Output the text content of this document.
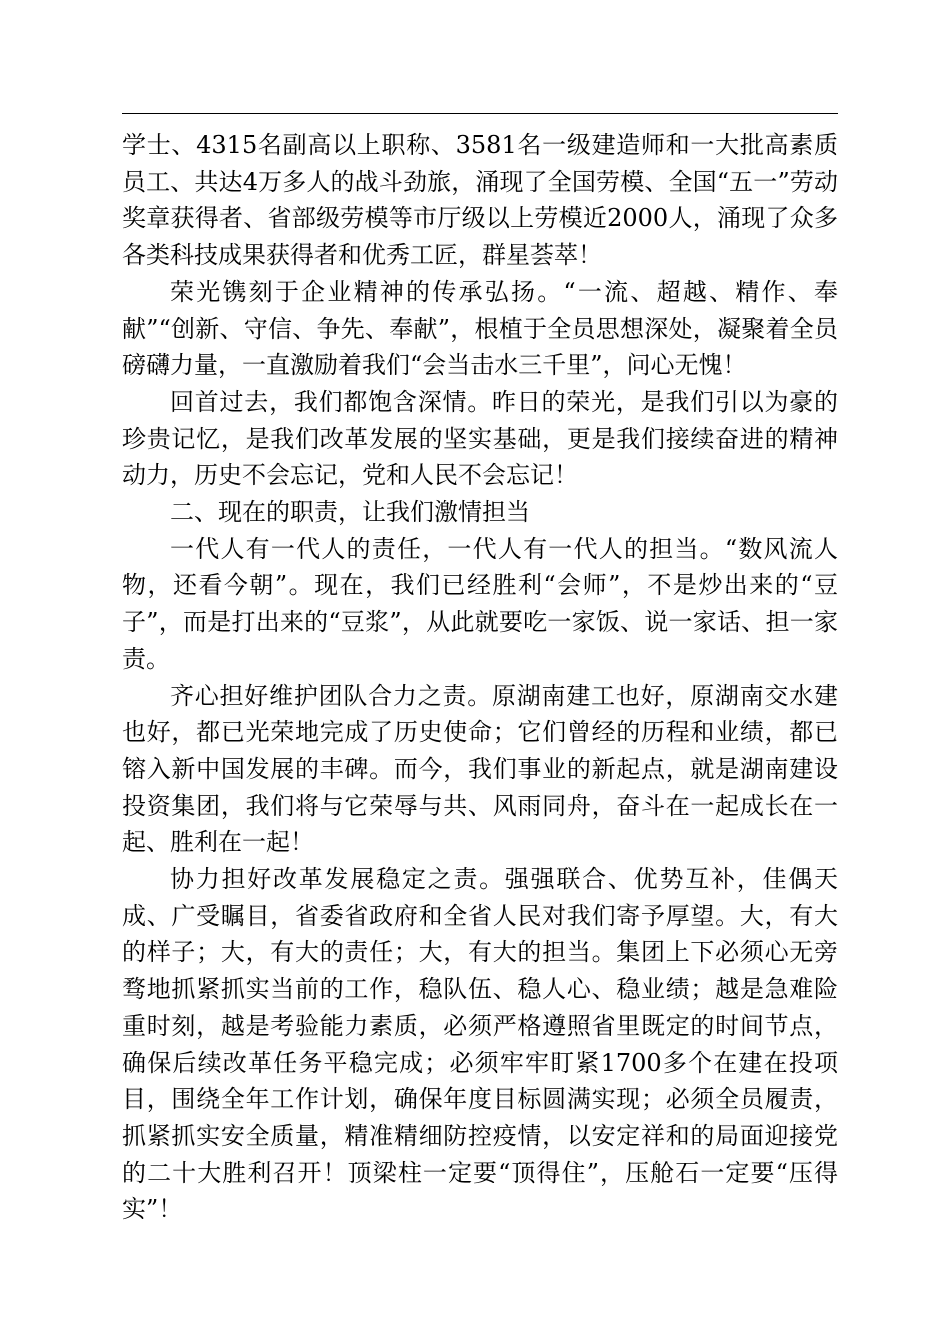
学士、4315名副高以上职称、3581名一级建造师和一大批高素质员工、共达4万多人的战斗劲旅，涌现了全国劳模、全国“五一”劳动奖章获得者、省部级劳模等市厅级以上劳模近2000人，涌现了众多各类科技成果获得者和优秀工匠，群星荟萃！

荣光镌刻于企业精神的传承弘扬。“一流、超越、精作、奉献”“创新、守信、争先、奉献”，根植于全员思想深处，凝聚着全员磅礴力量，一直激励着我们“会当击水三千里”，问心无愧！

回首过去，我们都饱含深情。昨日的荣光，是我们引以为豪的珍贵记忆，是我们改革发展的坚实基础，更是我们接续奋进的精神动力，历史不会忘记，党和人民不会忘记！

二、现在的职责，让我们激情担当

一代人有一代人的责任，一代人有一代人的担当。“数风流人物，还看今朝”。现在，我们已经胜利“会师”，不是炒出来的“豆子”，而是打出来的“豆浆”，从此就要吃一家饭、说一家话、担一家责。

齐心担好维护团队合力之责。原湖南建工也好，原湖南交水建也好，都已光荣地完成了历史使命；它们曾经的历程和业绩，都已镕入新中国发展的丰碑。而今，我们事业的新起点，就是湖南建设投资集团，我们将与它荣辱与共、风雨同舟，奋斗在一起成长在一起、胜利在一起！

协力担好改革发展稳定之责。强强联合、优势互补，佳偶天成、广受瞩目，省委省政府和全省人民对我们寄予厚望。大，有大的样子；大，有大的责任；大，有大的担当。集团上下必须心无旁骛地抓紧抓实当前的工作，稳队伍、稳人心、稳业绩；越是急难险重时刻，越是考验能力素质，必须严格遵照省里既定的时间节点，确保后续改革任务平稳完成；必须牢牢盯紧1700多个在建在投项目，围绕全年工作计划，确保年度目标圆满实现；必须全员履责，抓紧抓实安全质量，精准精细防控疫情，以安定祥和的局面迎接党的二十大胜利召开！顶梁柱一定要“顶得住”，压舱石一定要“压得实”！
